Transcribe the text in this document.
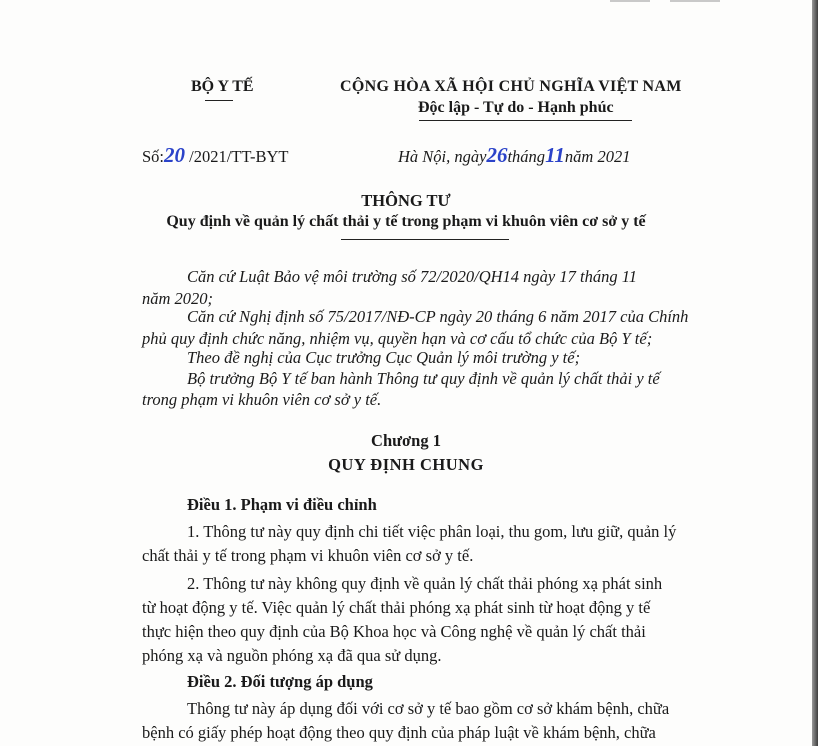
BỘ Y TẾ	CỘNG HÒA XÃ HỘI CHỦ NGHĨA VIỆT NAM
Độc lập - Tự do - Hạnh phúc
Số:20 /2021/TT-BYT	Hà Nội, ngày26tháng11năm 2021
THÔNG TƯ
Quy định về quản lý chất thải y tế trong phạm vi khuôn viên cơ sở y tế
Căn cứ Luật Bảo vệ môi trường số 72/2020/QH14 ngày 17 tháng 11
năm 2020;
Căn cứ Nghị định số 75/2017/NĐ-CP ngày 20 tháng 6 năm 2017 của Chính
phủ quy định chức năng, nhiệm vụ, quyền hạn và cơ cấu tổ chức của Bộ Y tế;
Theo đề nghị của Cục trưởng Cục Quản lý môi trường y tế;
Bộ trưởng Bộ Y tế ban hành Thông tư quy định về quản lý chất thải y tế
trong phạm vi khuôn viên cơ sở y tế.
Chương 1
QUY ĐỊNH CHUNG
Điều 1. Phạm vi điều chỉnh
1. Thông tư này quy định chi tiết việc phân loại, thu gom, lưu giữ, quản lý
chất thải y tế trong phạm vi khuôn viên cơ sở y tế.
2. Thông tư này không quy định về quản lý chất thải phóng xạ phát sinh
từ hoạt động y tế. Việc quản lý chất thải phóng xạ phát sinh từ hoạt động y tế
thực hiện theo quy định của Bộ Khoa học và Công nghệ về quản lý chất thải
phóng xạ và nguồn phóng xạ đã qua sử dụng.
Điều 2. Đối tượng áp dụng
Thông tư này áp dụng đối với cơ sở y tế bao gồm cơ sở khám bệnh, chữa
bệnh có giấy phép hoạt động theo quy định của pháp luật về khám bệnh, chữa
